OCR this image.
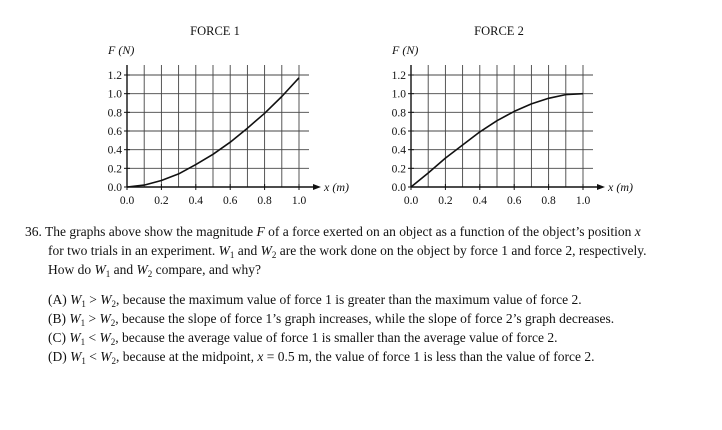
FORCE 1
F (N)
x (m)
0.0
0.2
0.4
0.6
0.8
1.0
1.2
0.0 0.2 0.4 0.6 0.8 1.0
FORCE 2
F (N)
x (m)
0.0
0.2
0.4
0.6
0.8
1.0
1.2
0.0 0.2 0.4 0.6 0.8 1.0
36. The graphs above show the magnitude F of a force exerted on an object as a function of the object’s position x
for two trials in an experiment. $W_1$ and $W_2$ are the work done on the object by force 1 and force 2, respectively.
How do $W_1$ and $W_2$ compare, and why?
(A) $W_1 > W_2$, because the maximum value of force 1 is greater than the maximum value of force 2.
(B) $W_1 > W_2$, because the slope of force 1’s graph increases, while the slope of force 2’s graph decreases.
(C) $W_1 < W_2$, because the average value of force 1 is smaller than the average value of force 2.
(D) $W_1 < W_2$, because at the midpoint, x = 0.5 m, the value of force 1 is less than the value of force 2.
